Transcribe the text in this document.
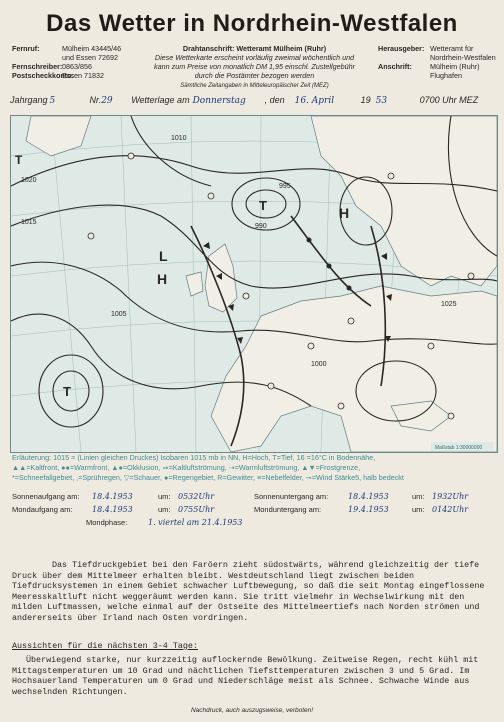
Das Wetter in Nordrhein-Westfalen
Fernruf:	Mülheim 43445/46
und Essen 72692
Fernschreiber: 0863/856
Postscheckkonto:
Essen 71832
Drahtanschrift: Wetteramt Mülheim (Ruhr)
Diese Wetterkarte erscheint vorläufig zweimal wöchentlich und
kann zum Preise von monatlich DM 1,95 einschl. Zustellgebühr
durch die Postämter bezogen werden
Sämtliche Zeitangaben in Mitteleuropäischer Zeit (MEZ)
Herausgeber: Wetteramt für
Nordrhein-Westfalen
Anschrift:	Mülheim (Ruhr)
Flughafen
Jahrgang 5	Nr. 29	Wetterlage am Donnerstag	, den 16. April	19 53	0700 Uhr MEZ
H
H
L
T
T
T
1020
1015
1010
1005
1000
995
990
1025
Maßstab 1:30000000
Erläuterung: 1015 = (Linien gleichen Druckes) Isobaren 1015 mb in NN, H=Hoch, T=Tief, 16 =16°C in Bodennähe,
▲▲=Kaltfront, ●●=Warmfront, ▲●=Okklusion, ⇒=Kaltluftströmung, ⇢=Warmluftströmung, ▲▼=Frostgrenze,
*=Schneefallgebiet, ,=Sprühregen, ▽=Schauer, ●=Regengebiet, R=Gewitter, ≡=Nebelfelder, ⊸=Wind Stärke5, halb bedeckt
Sonnenaufgang am: 18.4.1953	um: 0532Uhr	Sonnenuntergang am: 18.4.1953	um: 1932Uhr
Mondaufgang am: 18.4.1953	um: 0755Uhr	Monduntergang am:	19.4.1953	um: 0142Uhr
Mondphase:	1. viertel am 21.4.1953
Das Tiefdruckgebiet bei den Faröern zieht südostwärts, während gleichzeitig der tiefe Druck über dem Mittelmeer erhalten bleibt. Westdeutschland liegt zwischen beiden Tiefdrucksystemen in einem Gebiet schwacher Luftbewegung, so daß die seit Montag eingeflossene Meeresskaltluft nicht weggeräumt werden kann. Sie tritt vielmehr in Wechselwirkung mit den milden Luftmassen, welche einmal auf der Ostseite des Mittelmeertiefs nach Norden strömen und andererseits über Irland nach Osten vordringen.
Aussichten für die nächsten 3-4 Tage:
Überwiegend starke, nur kurzzeitig auflockernde Bewölkung. Zeitweise Regen, recht kühl mit Mittagstemperaturen um 10 Grad und nächtlichen Tiefsttemperaturen zwischen 3 und 5 Grad. Im Hochsauerland Temperaturen um 0 Grad und Niederschläge meist als Schnee. Schwache Winde aus wechselnden Richtungen.
Nachdruck, auch auszugsweise, verboten!
